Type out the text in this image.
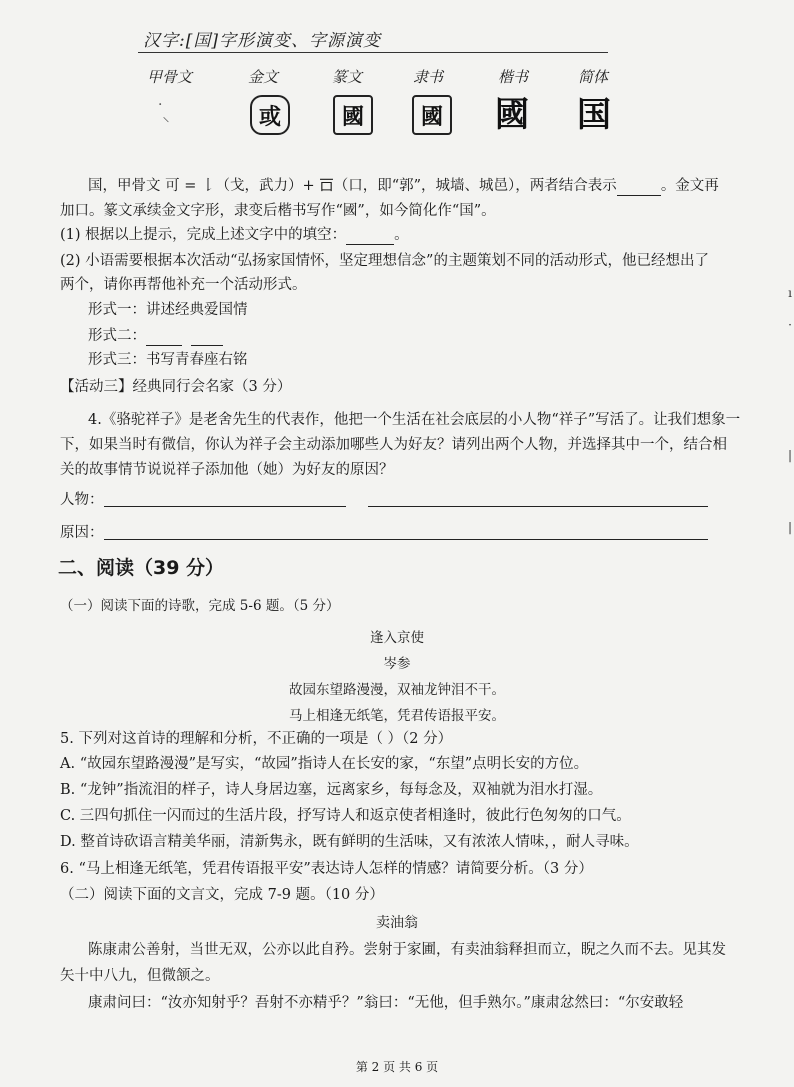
汉字:[国]字形演变、字源演变
甲骨文	金文	篆文	隶书	楷书	简体
·
⸌	或	國	國 國 国
国，甲骨文 可 = 𠄌（戈，武力）+ 𠮛（口，即“郭”，城墙、城邑），两者结合表示	。金文再
加口。篆文承续金文字形，隶变后楷书写作“國”，如今简化作“国”。
(1) 根据以上提示，完成上述文字中的填空：	。
(2) 小语需要根据本次活动“弘扬家国情怀，坚定理想信念”的主题策划不同的活动形式，他已经想出了
两个，请你再帮他补充一个活动形式。
形式一：讲述经典爱国情
形式二：
形式三：书写青春座右铭
【活动三】经典同行会名家（3 分）
4.《骆驼祥子》是老舍先生的代表作，他把一个生活在社会底层的小人物“祥子”写活了。让我们想象一
下，如果当时有微信，你认为祥子会主动添加哪些人为好友？请列出两个人物，并选择其中一个，结合相
关的故事情节说说祥子添加他（她）为好友的原因？
人物：
原因：
二、阅读（39 分）
（一）阅读下面的诗歌，完成 5-6 题。（5 分）
逢入京使
岑参
故园东望路漫漫，双袖龙钟泪不干。
马上相逢无纸笔，凭君传语报平安。
5. 下列对这首诗的理解和分析，不正确的一项是（ ）（2 分）
A. “故园东望路漫漫”是写实，“故园”指诗人在长安的家，“东望”点明长安的方位。
B. “龙钟”指流泪的样子，诗人身居边塞，远离家乡，每每念及，双袖就为泪水打湿。
C. 三四句抓住一闪而过的生活片段，抒写诗人和返京使者相逢时，彼此行色匆匆的口气。
D. 整首诗砍语言精美华丽，清新隽永，既有鲜明的生活味，又有浓浓人情味，，耐人寻味。
6. “马上相逢无纸笔，凭君传语报平安”表达诗人怎样的情感？请简要分析。（3 分）
（二）阅读下面的文言文，完成 7-9 题。（10 分）
卖油翁
陈康肃公善射，当世无双，公亦以此自矜。尝射于家圃，有卖油翁释担而立，睨之久而不去。见其发
矢十中八九，但微颔之。
康肃问曰：“汝亦知射乎？吾射不亦精乎？”翁曰：“无他，但手熟尔。”康肃忿然曰：“尔安敢轻
第 2 页 共 6 页
ı
·
|
|
